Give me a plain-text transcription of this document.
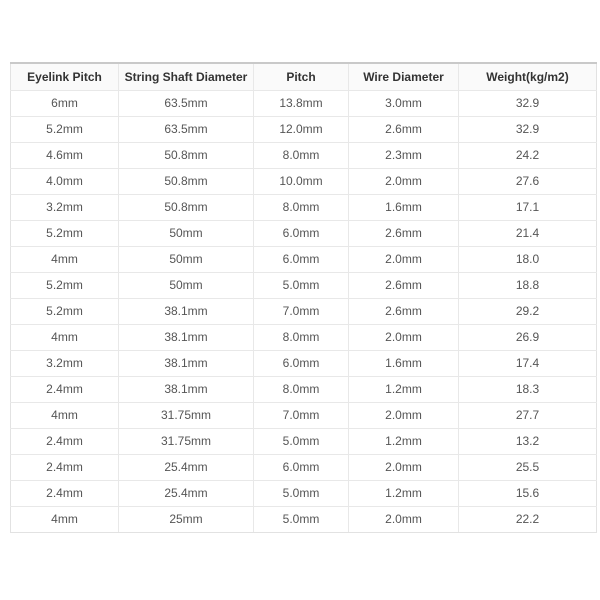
Eyelink Pitch	String Shaft Diameter	Pitch	Wire Diameter	Weight(kg/m2)
6mm	63.5mm	13.8mm	3.0mm	32.9
5.2mm	63.5mm	12.0mm	2.6mm	32.9
4.6mm	50.8mm	8.0mm	2.3mm	24.2
4.0mm	50.8mm	10.0mm	2.0mm	27.6
3.2mm	50.8mm	8.0mm	1.6mm	17.1
5.2mm	50mm	6.0mm	2.6mm	21.4
4mm	50mm	6.0mm	2.0mm	18.0
5.2mm	50mm	5.0mm	2.6mm	18.8
5.2mm	38.1mm	7.0mm	2.6mm	29.2
4mm	38.1mm	8.0mm	2.0mm	26.9
3.2mm	38.1mm	6.0mm	1.6mm	17.4
2.4mm	38.1mm	8.0mm	1.2mm	18.3
4mm	31.75mm	7.0mm	2.0mm	27.7
2.4mm	31.75mm	5.0mm	1.2mm	13.2
2.4mm	25.4mm	6.0mm	2.0mm	25.5
2.4mm	25.4mm	5.0mm	1.2mm	15.6
4mm	25mm	5.0mm	2.0mm	22.2
